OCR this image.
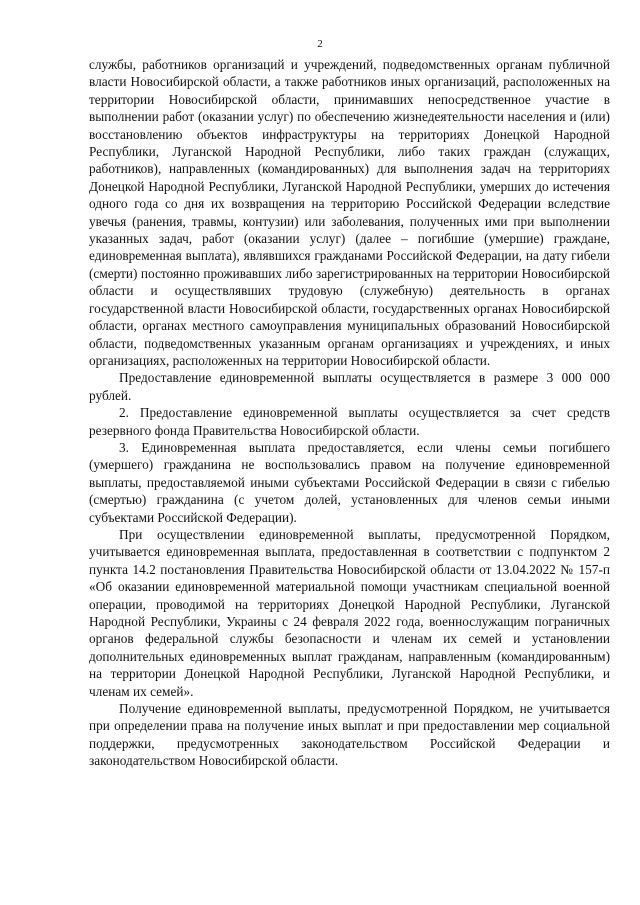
2

службы, работников организаций и учреждений, подведомственных органам публичной власти Новосибирской области, а также работников иных организаций, расположенных на территории Новосибирской области, принимавших непосредственное участие в выполнении работ (оказании услуг) по обеспечению жизнедеятельности населения и (или) восстановлению объектов инфраструктуры на территориях Донецкой Народной Республики, Луганской Народной Республики, либо таких граждан (служащих, работников), направленных (командированных) для выполнения задач на территориях Донецкой Народной Республики, Луганской Народной Республики, умерших до истечения одного года со дня их возвращения на территорию Российской Федерации вследствие увечья (ранения, травмы, контузии) или заболевания, полученных ими при выполнении указанных задач, работ (оказании услуг) (далее – погибшие (умершие) граждане, единовременная выплата), являвшихся гражданами Российской Федерации, на дату гибели (смерти) постоянно проживавших либо зарегистрированных на территории Новосибирской области и осуществлявших трудовую (служебную) деятельность в органах государственной власти Новосибирской области, государственных органах Новосибирской области, органах местного самоуправления муниципальных образований Новосибирской области, подведомственных указанным органам организациях и учреждениях, и иных организациях, расположенных на территории Новосибирской области.

Предоставление единовременной выплаты осуществляется в размере 3 000 000 рублей.

2. Предоставление единовременной выплаты осуществляется за счет средств резервного фонда Правительства Новосибирской области.

3. Единовременная выплата предоставляется, если члены семьи погибшего (умершего) гражданина не воспользовались правом на получение единовременной выплаты, предоставляемой иными субъектами Российской Федерации в связи с гибелью (смертью) гражданина (с учетом долей, установленных для членов семьи иными субъектами Российской Федерации).

При осуществлении единовременной выплаты, предусмотренной Порядком, учитывается единовременная выплата, предоставленная в соответствии с подпунктом 2 пункта 14.2 постановления Правительства Новосибирской области от 13.04.2022 № 157-п «Об оказании единовременной материальной помощи участникам специальной военной операции, проводимой на территориях Донецкой Народной Республики, Луганской Народной Республики, Украины с 24 февраля 2022 года, военнослужащим пограничных органов федеральной службы безопасности и членам их семей и установлении дополнительных единовременных выплат гражданам, направленным (командированным) на территории Донецкой Народной Республики, Луганской Народной Республики, и членам их семей».

Получение единовременной выплаты, предусмотренной Порядком, не учитывается при определении права на получение иных выплат и при предоставлении мер социальной поддержки, предусмотренных законодательством Российской Федерации и законодательством Новосибирской области.
